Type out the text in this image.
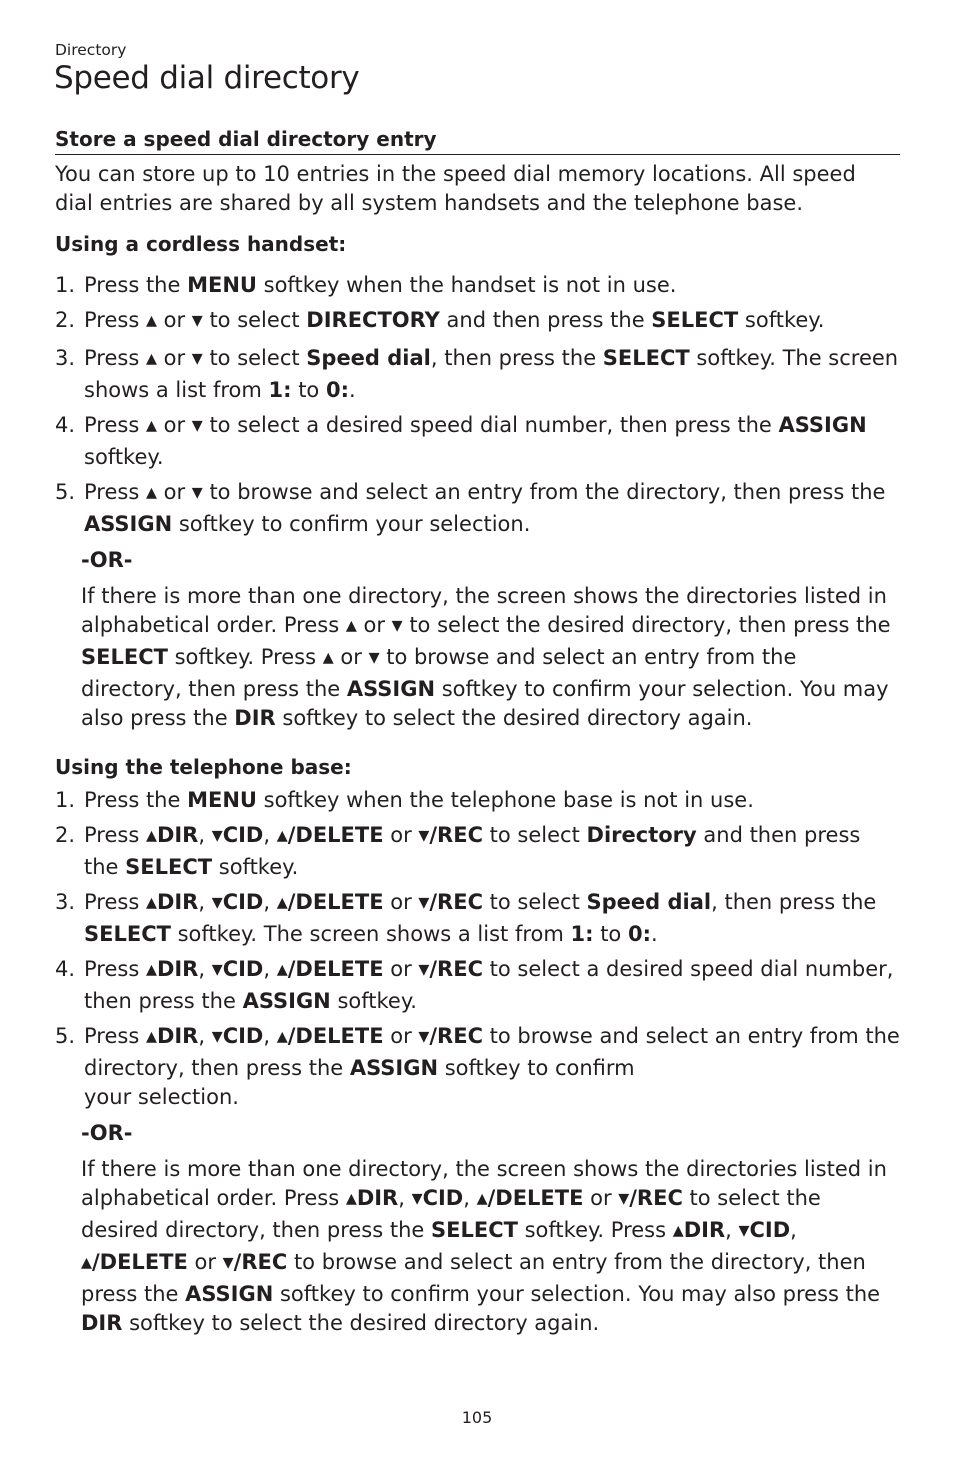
Directory
Speed dial directory
Store a speed dial directory entry

You can store up to 10 entries in the speed dial memory locations. All speed dial entries are shared by all system handsets and the telephone base.

Using a cordless handset:
1. Press the MENU softkey when the handset is not in use.
2. Press ▲ or ▼ to select DIRECTORY and then press the SELECT softkey.
3. Press ▲ or ▼ to select Speed dial, then press the SELECT softkey. The screen shows a list from 1: to 0:.
4. Press ▲ or ▼ to select a desired speed dial number, then press the ASSIGN softkey.
5. Press ▲ or ▼ to browse and select an entry from the directory, then press the ASSIGN softkey to confirm your selection.
-OR-

If there is more than one directory, the screen shows the directories listed in alphabetical order. Press ▲ or ▼ to select the desired directory, then press the SELECT softkey. Press ▲ or ▼ to browse and select an entry from the directory, then press the ASSIGN softkey to confirm your selection. You may also press the DIR softkey to select the desired directory again.

Using the telephone base:
1. Press the MENU softkey when the telephone base is not in use.
2. Press ▲DIR, ▼CID, ▲/DELETE or ▼/REC to select Directory and then press the SELECT softkey.
3. Press ▲DIR, ▼CID, ▲/DELETE or ▼/REC to select Speed dial, then press the SELECT softkey. The screen shows a list from 1: to 0:.
4. Press ▲DIR, ▼CID, ▲/DELETE or ▼/REC to select a desired speed dial number, then press the ASSIGN softkey.
5. Press ▲DIR, ▼CID, ▲/DELETE or ▼/REC to browse and select an entry from the directory, then press the ASSIGN softkey to confirm
your selection.
-OR-

If there is more than one directory, the screen shows the directories listed in alphabetical order. Press ▲DIR, ▼CID, ▲/DELETE or ▼/REC to select the desired directory, then press the SELECT softkey. Press ▲DIR, ▼CID, ▲/DELETE or ▼/REC to browse and select an entry from the directory, then press the ASSIGN softkey to confirm your selection. You may also press the DIR softkey to select the desired directory again.

105
